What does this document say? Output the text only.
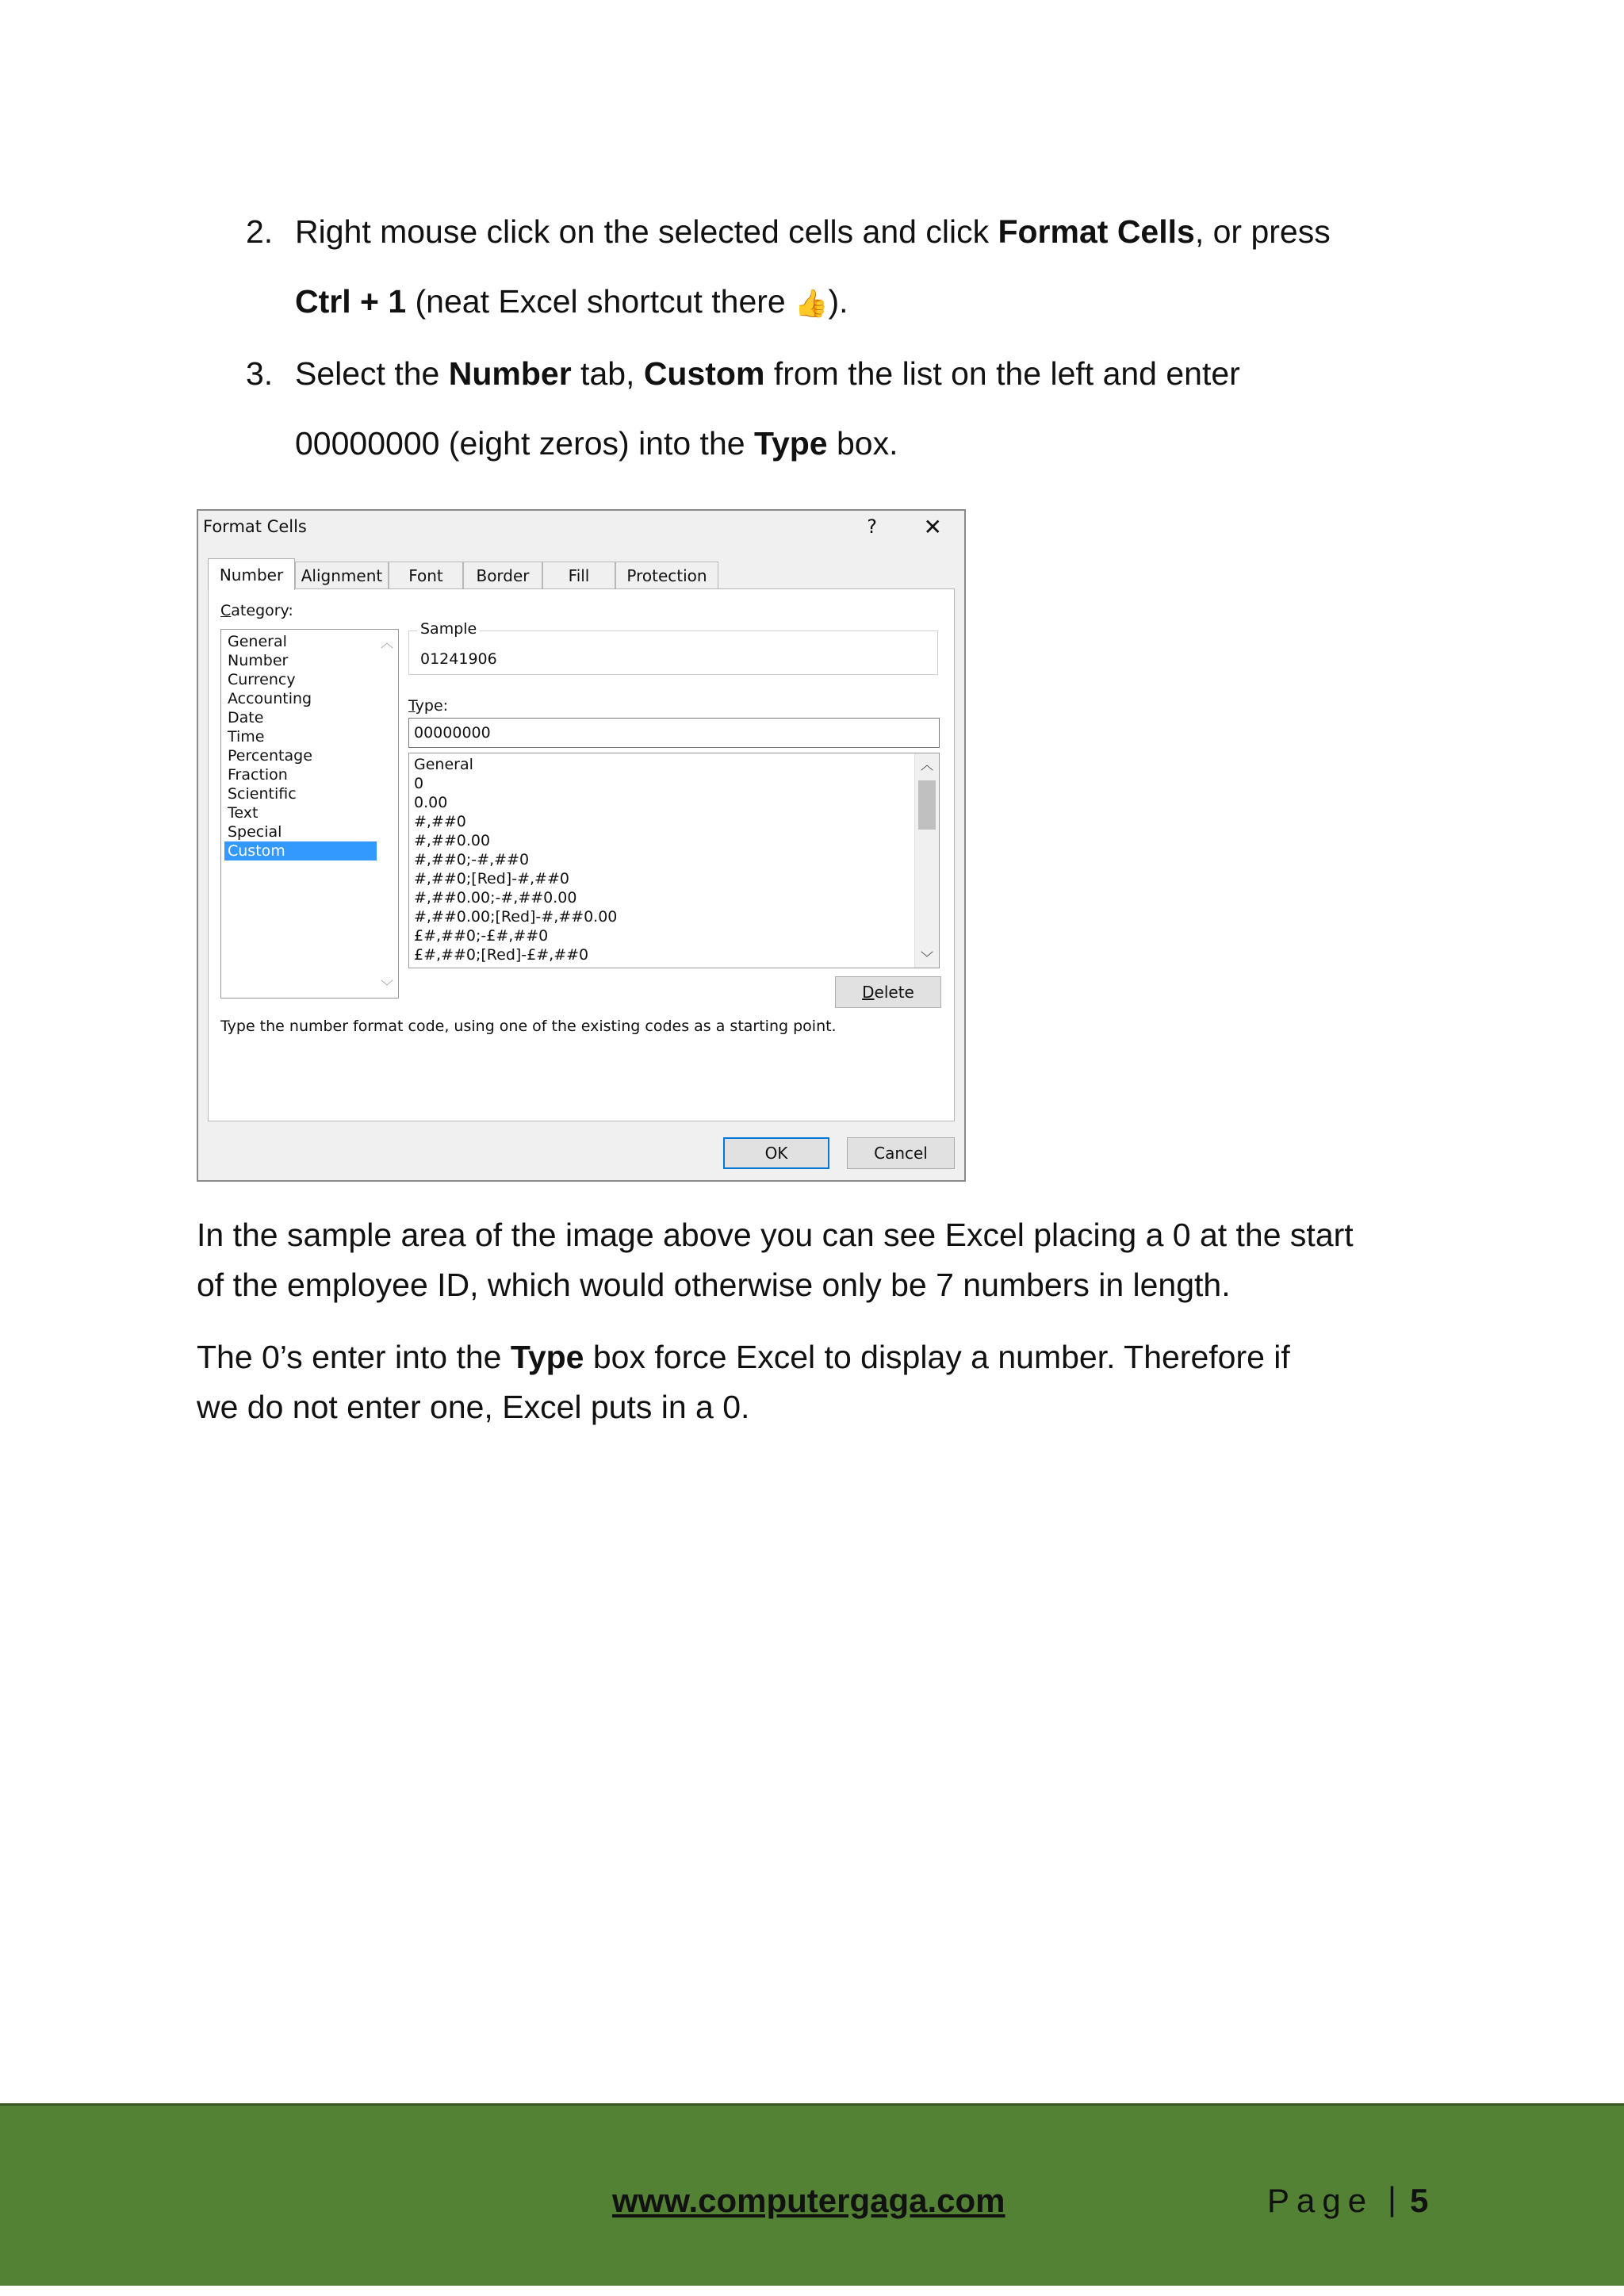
2. Right mouse click on the selected cells and click Format Cells, or press
Ctrl + 1 (neat Excel shortcut there 👍).
3. Select the Number tab, Custom from the list on the left and enter
00000000 (eight zeros) into the Type box.
Format Cells	? ✕
Number	Alignment	Font	Border	Fill	Protection
Category:
General
Number
Currency
Accounting
Date
Time
Percentage
Fraction
Scientific
Text
Special
Custom
︿
﹀
Sample
01241906
Type:
00000000
General
0
0.00
#,##0
#,##0.00
#,##0;-#,##0
#,##0;[Red]-#,##0
#,##0.00;-#,##0.00
#,##0.00;[Red]-#,##0.00
£#,##0;-£#,##0
£#,##0;[Red]-£#,##0
︿
﹀
D elete
Type the number format code, using one of the existing codes as a starting point.
OK	Cancel

In the sample area of the image above you can see Excel placing a 0 at the start
of the employee ID, which would otherwise only be 7 numbers in length.

The 0’s enter into the Type box force Excel to display a number. Therefore if
we do not enter one, Excel puts in a 0.

www.computergaga.com	Page | 5
